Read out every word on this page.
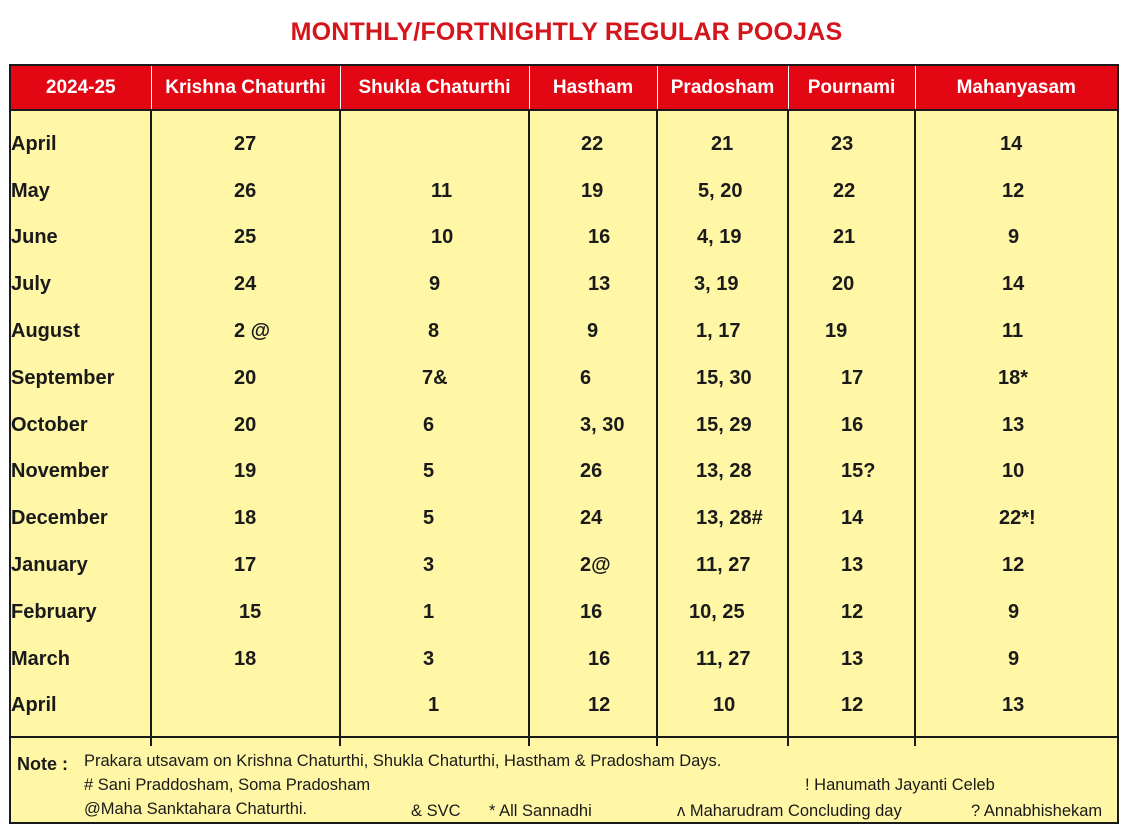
MONTHLY/FORTNIGHTLY REGULAR POOJAS
2024-25	Krishna Chaturthi	Shukla Chaturthi	Hastham	Pradosham	Pournami	Mahanyasam

April	27		22	21	23	14
May	26	11	19	5, 20	22	12
June	25	10	16	4, 19	21	9
July	24	9	13	3, 19	20	14
August	2 @	8	9	1, 17	19	11
September	20	7&	6	15, 30	17	18*
October	20	6	3, 30	15, 29	16	13
November	19	5	26	13, 28	15?	10
December	18	5	24	13, 28#	14	22*!
January	17	3	2@	11, 27	13	12
February	15	1	16	10, 25	12	9
March	18	3	16	11, 27	13	9
April		1	12	10	12	13

Note : Prakara utsavam on Krishna Chaturthi, Shukla Chaturthi, Hastham & Pradosham Days.
# Sani Praddosham, Soma Pradosham	! Hanumath Jayanti Celeb
@Maha Sanktahara Chaturthi.	& SVC * All Sannadhi	ʌ Maharudram Concluding day	? Annabhishekam
